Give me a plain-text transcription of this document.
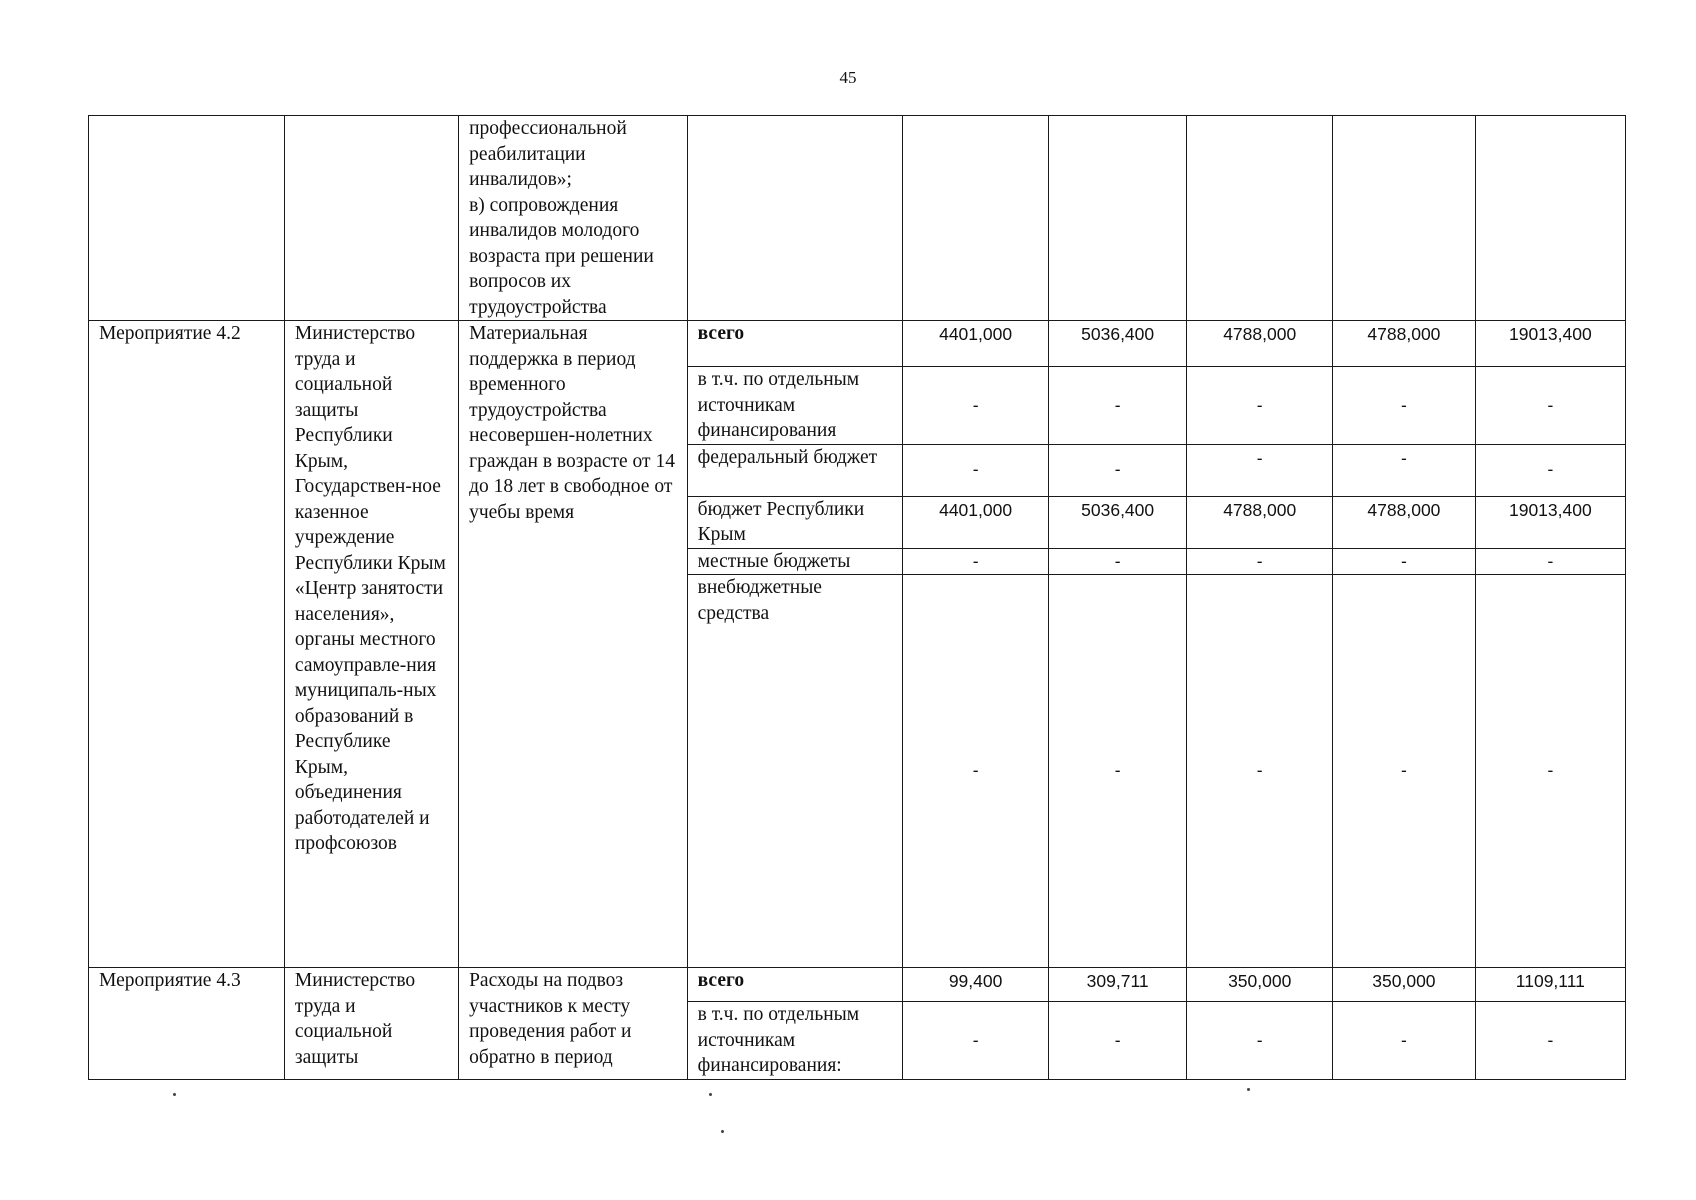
45
		профессиональной реабилитации инвалидов»;
в) сопровождения инвалидов молодого возраста при решении вопросов их трудоустройства						
Мероприятие 4.2	Министерство труда и социальной защиты Республики Крым, Государствен-ное казенное учреждение Республики Крым «Центр занятости населения», органы местного самоуправле-ния муниципаль-ных образований в Республике Крым, объединения работодателей и профсоюзов	Материальная поддержка в период временного трудоустройства несовершен-нолетних граждан в возрасте от 14 до 18 лет в свободное от учебы время	всего	4401,000	5036,400	4788,000	4788,000	19013,400
			в т.ч. по отдельным источникам финансирования	-	-	-	-	-
			федеральный бюджет	-	-	-	-	-
			бюджет Республики Крым	4401,000	5036,400	4788,000	4788,000	19013,400
			местные бюджеты	-	-	-	-	-
			внебюджетные средства	-	-	-	-	-
Мероприятие 4.3	Министерство труда и социальной защиты	Расходы на подвоз участников к месту проведения работ и обратно в период	всего	99,400	309,711	350,000	350,000	1109,111
			в т.ч. по отдельным источникам финансирования:	-	-	-	-	-
